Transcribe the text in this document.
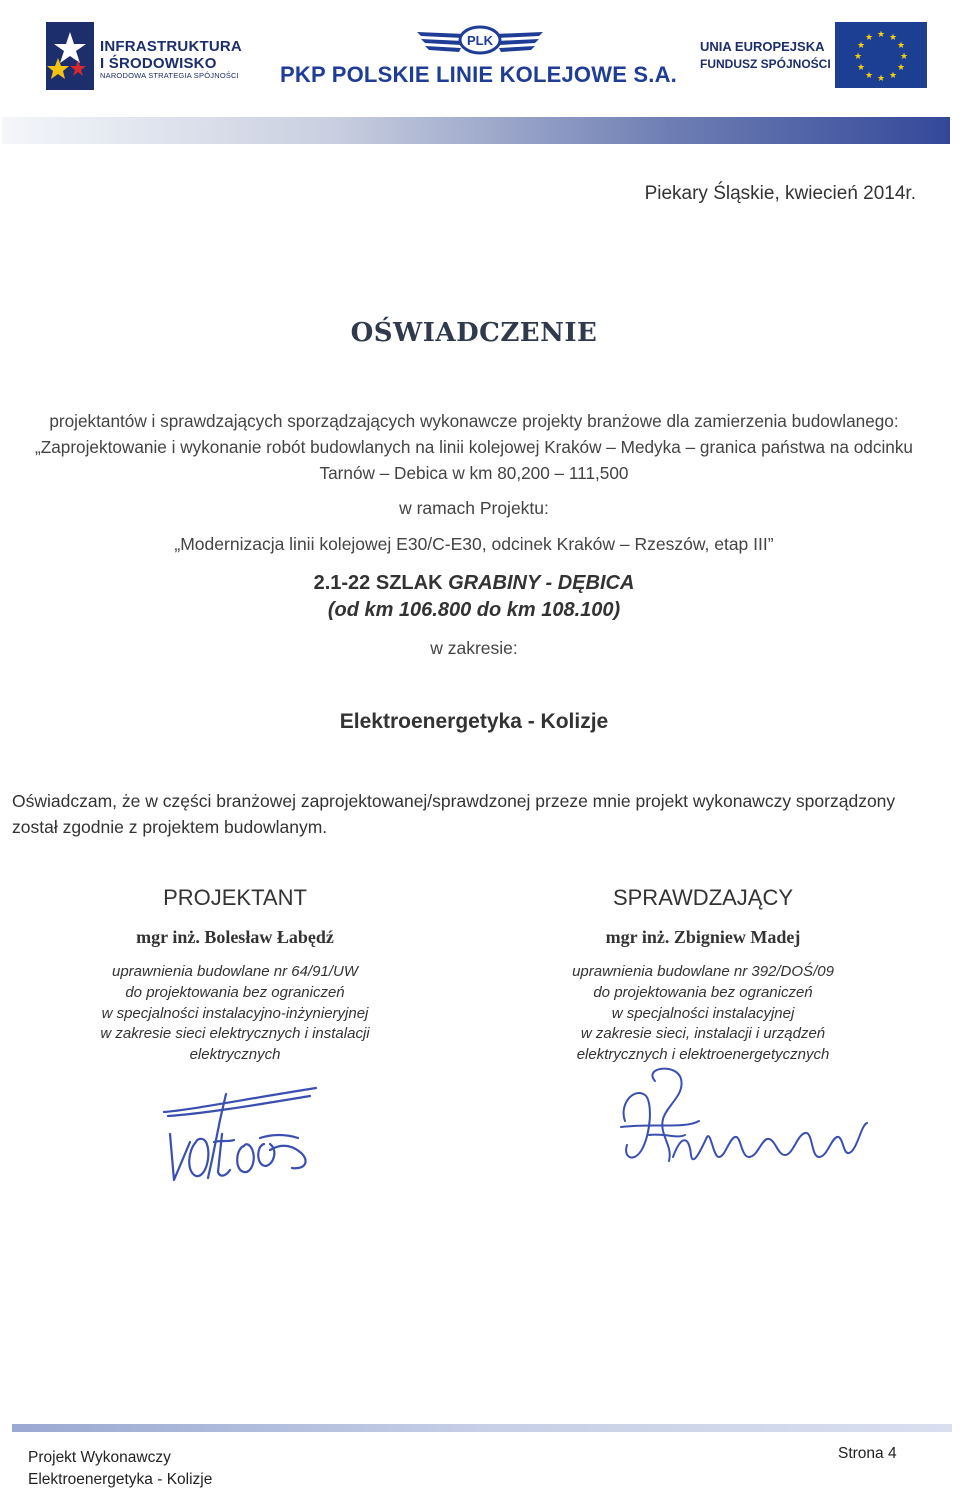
INFRASTRUKTURA
I ŚRODOWISKO
NARODOWA STRATEGIA SPÓJNOŚCI
PLK
PKP POLSKIE LINIE KOLEJOWE S.A.
UNIA EUROPEJSKA
FUNDUSZ SPÓJNOŚCI
★ ★
★
★
★
★
★
★
★
★
★
★
Piekary Śląskie, kwiecień 2014r.
OŚWIADCZENIE
projektantów i sprawdzających sporządzających wykonawcze projekty branżowe dla zamierzenia budowlanego: „Zaprojektowanie i wykonanie robót budowlanych na linii kolejowej Kraków – Medyka – granica państwa na odcinku Tarnów – Debica w km 80,200 – 111,500
w ramach Projektu:
„Modernizacja linii kolejowej E30/C-E30, odcinek Kraków – Rzeszów, etap III”
2.1-22 SZLAK GRABINY - DĘBICA
(od km 106.800 do km 108.100)
w zakresie:
Elektroenergetyka - Kolizje
Oświadczam, że w części branżowej zaprojektowanej/sprawdzonej przeze mnie projekt wykonawczy sporządzony został zgodnie z projektem budowlanym.
PROJEKTANT
mgr inż. Bolesław Łabędź
uprawnienia budowlane nr 64/91/UW
do projektowania bez ograniczeń
w specjalności instalacyjno-inżynieryjnej
w zakresie sieci elektrycznych i instalacji
elektrycznych
SPRAWDZAJĄCY
mgr inż. Zbigniew Madej
uprawnienia budowlane nr 392/DOŚ/09
do projektowania bez ograniczeń
w specjalności instalacyjnej
w zakresie sieci, instalacji i urządzeń
elektrycznych i elektroenergetycznych
Projekt Wykonawczy
Elektroenergetyka - Kolizje
Strona 4
